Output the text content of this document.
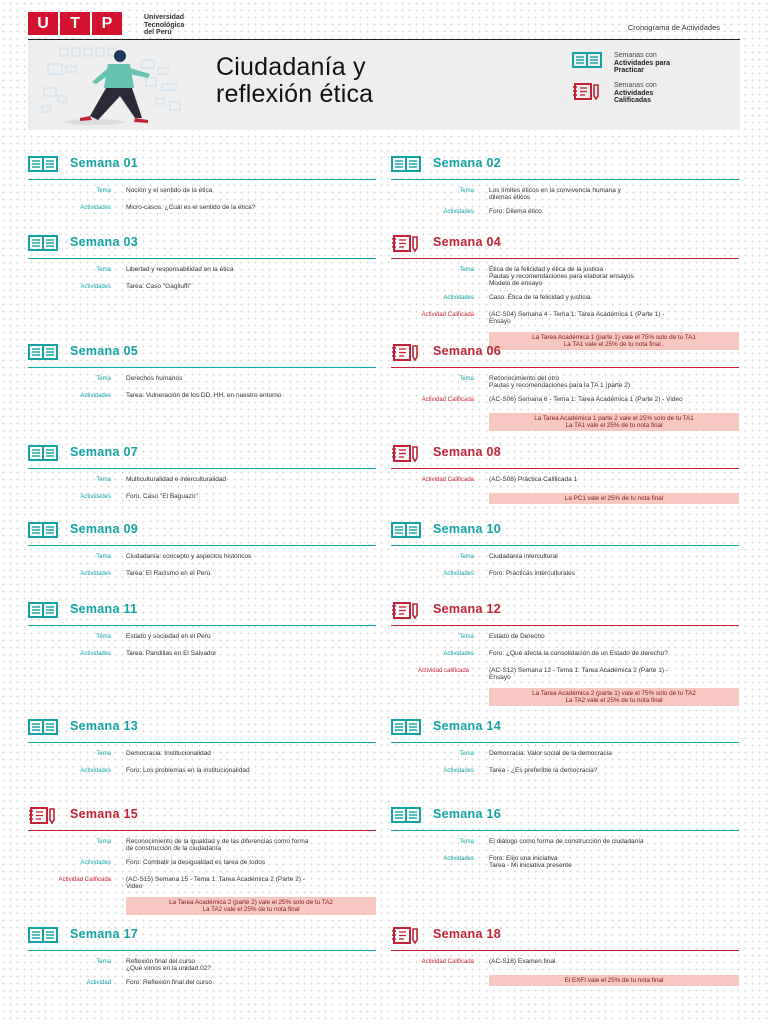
U	T	P	Universidad
Tecnológica
del Perú
Cronograma de Actividades
Ciudadanía y
reflexión ética
Semanas con
Actividades para
Practicar
Semanas con
Actividades
Calificadas
Semana 01
Tema Noción y el sentido de la ética
Actividades Micro-casos: ¿Cuál es el sentido de la ética?
Semana 02
Tema Los límites éticos en la convivencia humana y
dilemas éticos
Actividades Foro: Dilema ético
Semana 03
Tema Libertad y responsabilidad en la ética
Actividades Tarea: Caso "Gagliuffi"
Semana 04
Tema Ética de la felicidad y ética de la justicia
Pautas y recomendaciones para elaborar ensayos
Modelo de ensayo
Actividades Caso: Ética de la felicidad y justicia
Actividad Calificada (AC-S04) Semana 4 - Tema 1: Tarea Académica 1 (Parte 1) -
Ensayo
La Tarea Académica 1 (parte 1) vale el 75% solo de tu TA1
La TA1 vale el 25% de tu nota final .
Semana 05
Tema Derechos humanos
Actividades Tarea: Vulneración de los DD. HH. en nuestro entorno
Semana 06
Tema Reconocimiento del otro
Pautas y recomendaciones para la TA 1 (parte 2)
Actividad Calificada (AC-S06) Semana 6 - Tema 1: Tarea Académica 1 (Parte 2) - Video
La Tarea Académica 1 parte 2 vale el 25% solo de tu TA1
La TA1 vale el 25% de tu nota final
Semana 07
Tema Multiculturalidad e interculturalidad
Actividades Foro: Caso "El Baguazo"
Semana 08
Actividad Calificada (AC-S08) Práctica Calificada 1
La PC1 vale el 25% de tu nota final
Semana 09
Tema Ciudadanía: concepto y aspectos históricos
Actividades Tarea: El Racismo en el Perú
Semana 10
Tema Ciudadanía intercultural
Actividades Foro: Practicas interculturales
Semana 11
Tema Estado y sociedad en el Perú
Actividades Tarea: Pandillas en El Salvador
Semana 12
Tema Estado de Derecho
Actividades Foro: ¿Qué afecta la consolidación de un Estado de derecho?
Actividad calificada	(AC-S12) Semana 12 - Tema 1: Tarea Académica 2 (Parte 1) -
Ensayo
La Tarea Académica 2 (parte 1) vale el 75% solo de tu TA2
La TA2 vale el 25% de tu nota final
Semana 13
Tema Democracia: Institucionalidad
Actividades Foro: Los problemas en la institucionalidad
Semana 14
Tema Democracia: Valor social de la democracia
Actividades Tarea - ¿Es preferible la democracia?
Semana 15
Tema Reconocimiento de la igualdad y de las diferencias como forma
de construcción de la ciudadanía
Actividades Foro: Combatir la desigualdad es tarea de todos
Actividad Calificada (AC-S15) Semana 15 - Tema 1: Tarea Académica 2 (Parte 2) -
Video
La Tarea Académica 2 (parte 2) vale el 25% solo de tu TA2
La TA2 vale el 25% de tu nota final
Semana 16
Tema El diálogo como forma de construcción de ciudadanía
Actividades Foro: Elijo una iniciativa
Tarea - Mi iniciativa presente
Semana 17
Tema Reflexión final del curso
¿Qué vimos en la unidad 02?
Actividad Foro: Reflexión final del curso
Semana 18
Actividad Calificada (AC-S18) Examen final
El EXFI vale el 25% de tu nota final
